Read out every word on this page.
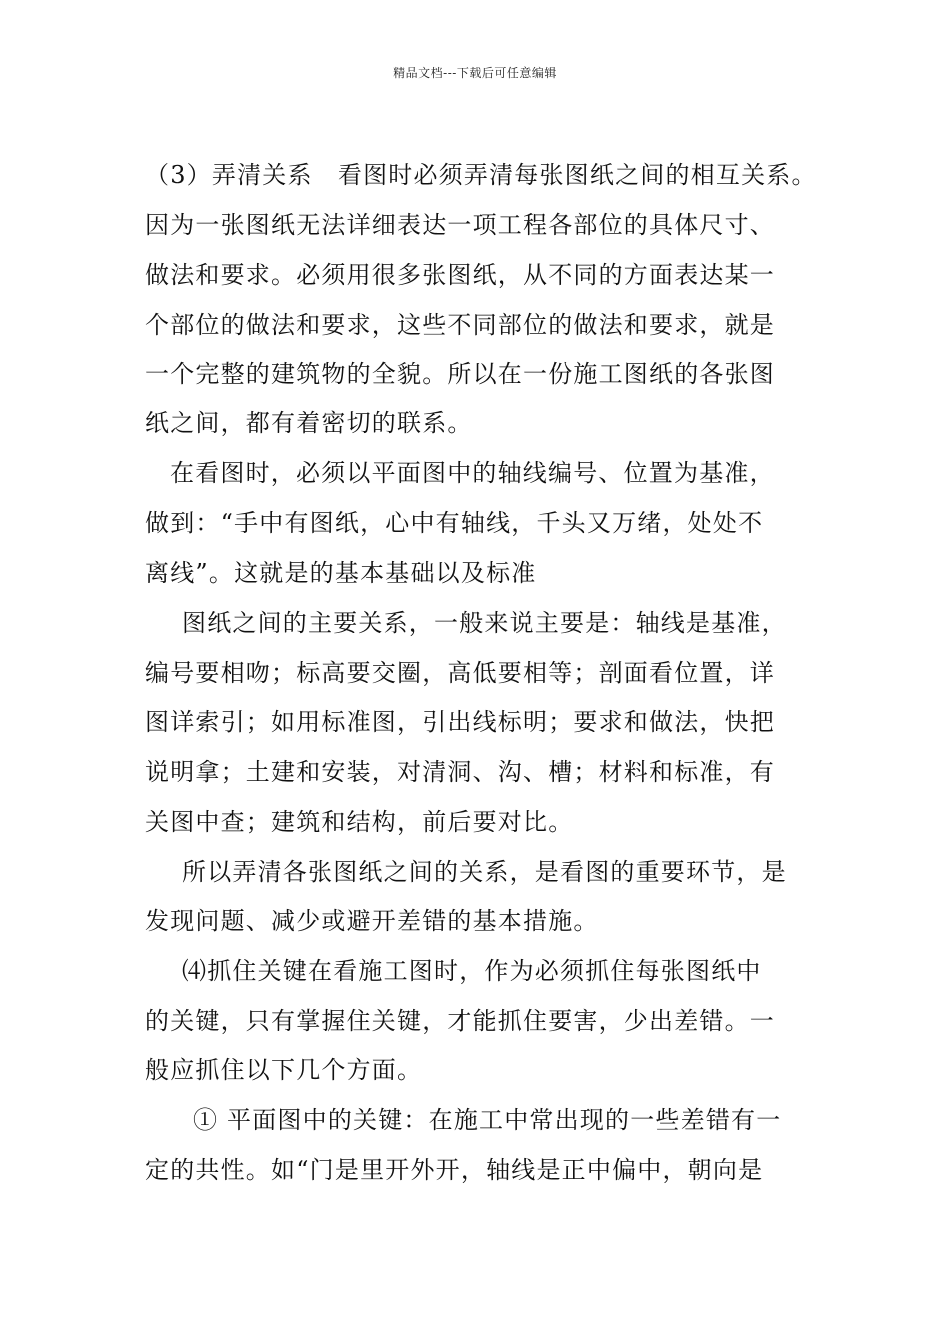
精品文档---下载后可任意编辑
（3）弄清关系　看图时必须弄清每张图纸之间的相互关系。
因为一张图纸无法详细表达一项工程各部位的具体尺寸、
做法和要求。必须用很多张图纸，从不同的方面表达某一
个部位的做法和要求，这些不同部位的做法和要求，就是
一个完整的建筑物的全貌。所以在一份施工图纸的各张图
纸之间，都有着密切的联系。
在看图时，必须以平面图中的轴线编号、位置为基准，
做到：“手中有图纸，心中有轴线，千头又万绪，处处不
离线”。这就是的基本基础以及标准
图纸之间的主要关系，一般来说主要是：轴线是基准，
编号要相吻；标高要交圈，高低要相等；剖面看位置，详
图详索引；如用标准图，引出线标明；要求和做法，快把
说明拿；土建和安装，对清洞、沟、槽；材料和标准，有
关图中查；建筑和结构，前后要对比。
所以弄清各张图纸之间的关系，是看图的重要环节，是
发现问题、减少或避开差错的基本措施。
⑷抓住关键在看施工图时，作为必须抓住每张图纸中
的关键，只有掌握住关键，才能抓住要害，少出差错。一
般应抓住以下几个方面。
① 平面图中的关键：在施工中常出现的一些差错有一
定的共性。如“门是里开外开，轴线是正中偏中，朝向是
